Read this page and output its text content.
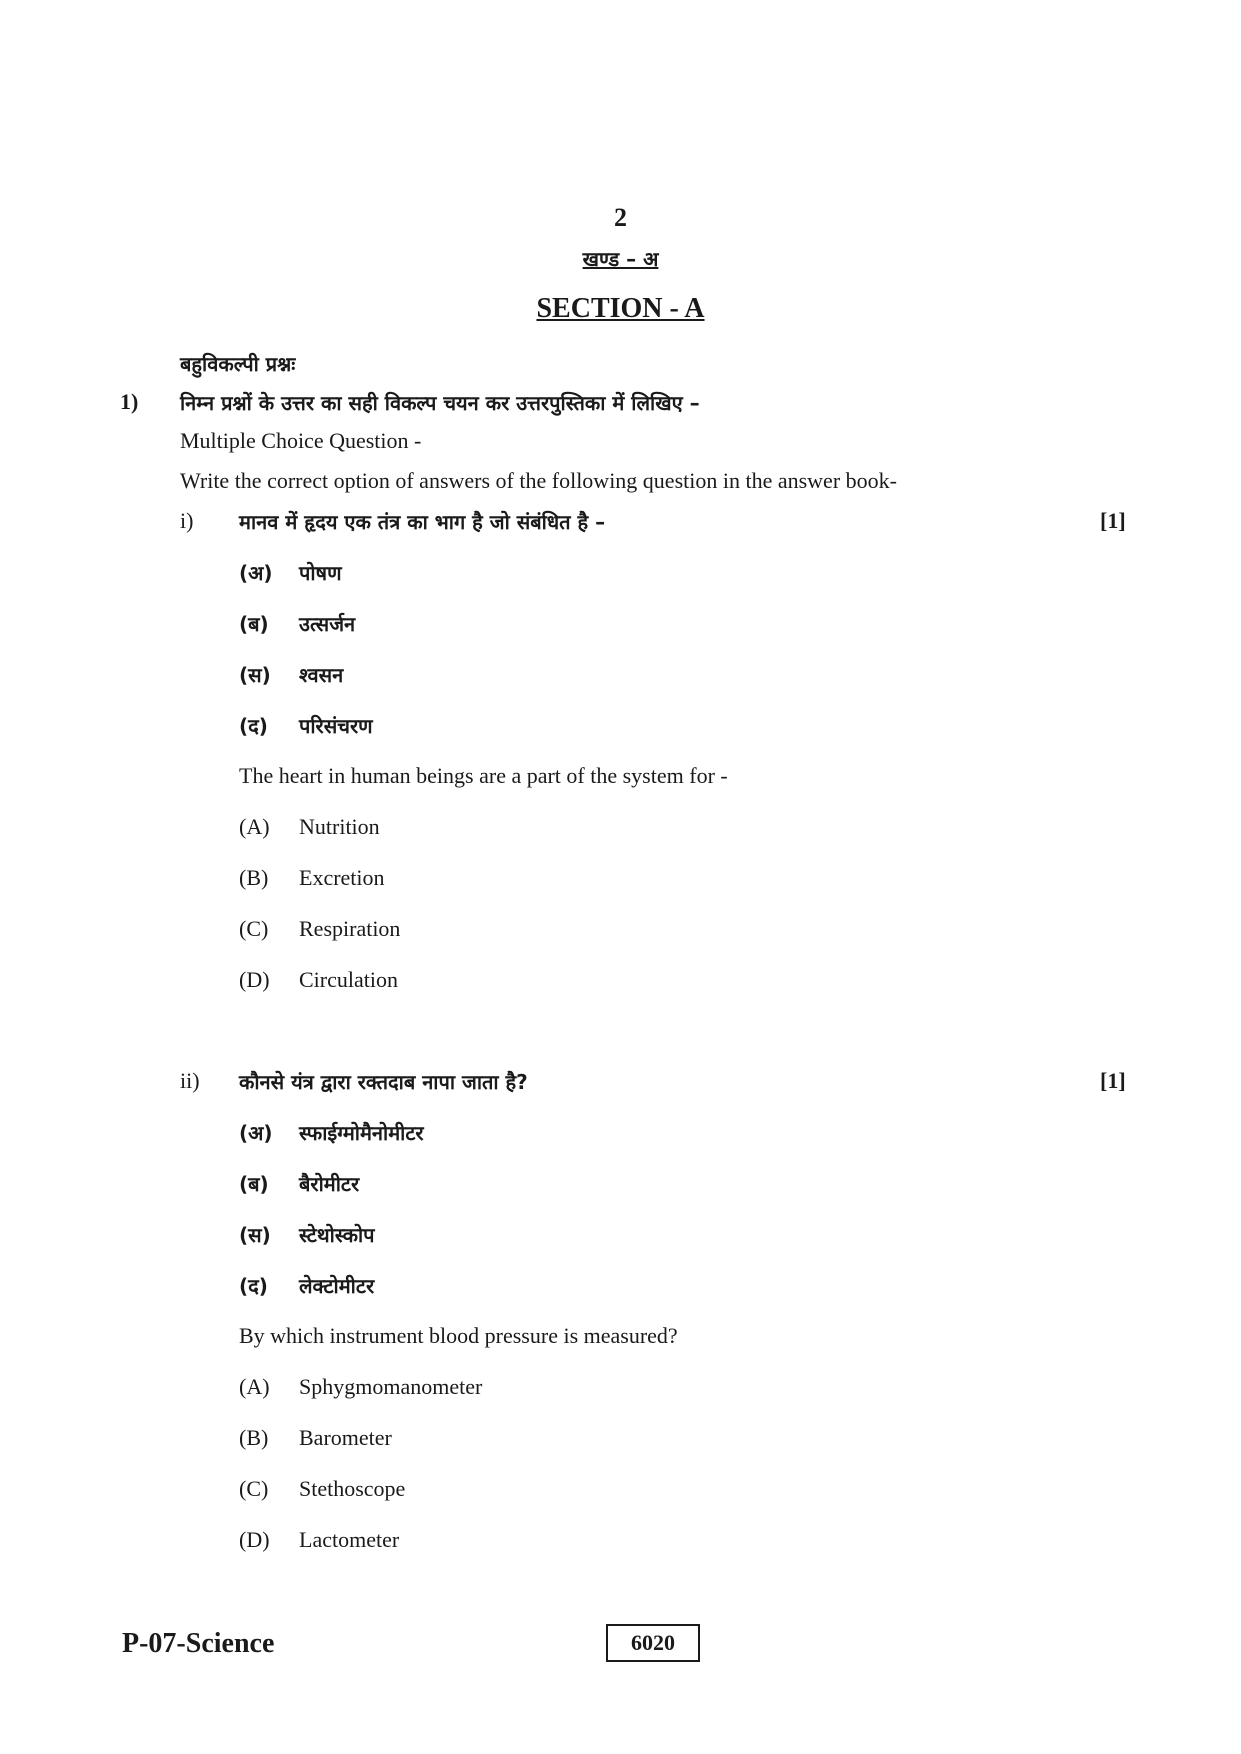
2
खण्ड – अ
SECTION - A
बहुविकल्पी प्रश्नः
1) निम्न प्रश्नों के उत्तर का सही विकल्प चयन कर उत्तरपुस्तिका में लिखिए –
Multiple Choice Question -
Write the correct option of answers of the following question in the answer book-
i) मानव में हृदय एक तंत्र का भाग है जो संबंधित है –	[1]
(अ) पोषण
(ब) उत्सर्जन
(स) श्वसन
(द) परिसंचरण
The heart in human beings are a part of the system for -
(A) Nutrition
(B) Excretion
(C) Respiration
(D) Circulation
ii) कौनसे यंत्र द्वारा रक्तदाब नापा जाता है?	[1]
(अ) स्फाईग्मोमैनोमीटर
(ब) बैरोमीटर
(स) स्टेथोस्कोप
(द) लेक्टोमीटर
By which instrument blood pressure is measured?
(A) Sphygmomanometer
(B) Barometer
(C) Stethoscope
(D) Lactometer
P-07-Science	6020
